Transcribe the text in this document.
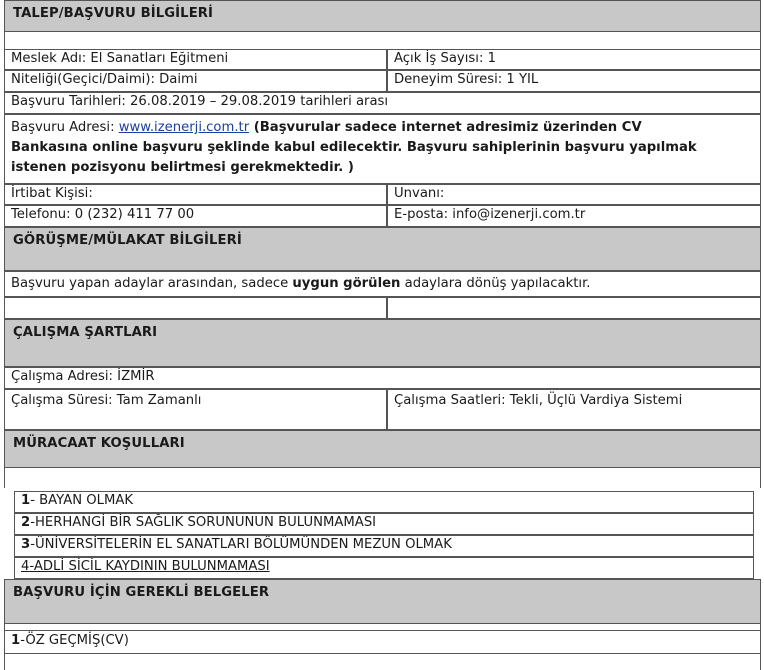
TALEP/BAŞVURU BİLGİLERİ
Meslek Adı: El Sanatları Eğitmeni	Açık İş Sayısı: 1
Niteliği(Geçici/Daimi): Daimi	Deneyim Süresi: 1 YIL
Başvuru Tarihleri: 26.08.2019 – 29.08.2019 tarihleri arası
Başvuru Adresi: www.izenerji.com.tr (Başvurular sadece internet adresimiz üzerinden CV Bankasına online başvuru şeklinde kabul edilecektir. Başvuru sahiplerinin başvuru yapılmak istenen pozisyonu belirtmesi gerekmektedir. )
İrtibat Kişisi:	Unvanı:
Telefonu: 0 (232) 411 77 00	E-posta: info@izenerji.com.tr
GÖRÜŞME/MÜLAKAT BİLGİLERİ
Başvuru yapan adaylar arasından, sadece uygun görülen adaylara dönüş yapılacaktır.
ÇALIŞMA ŞARTLARI
Çalışma Adresi: İZMİR
Çalışma Süresi: Tam Zamanlı	Çalışma Saatleri: Tekli, Üçlü Vardiya Sistemi
MÜRACAAT KOŞULLARI
1- BAYAN OLMAK
2-HERHANGİ BİR SAĞLIK SORUNUNUN BULUNMAMASI
3-ÜNİVERSİTELERİN EL SANATLARI BÖLÜMÜNDEN MEZUN OLMAK
4-ADLİ SİCİL KAYDININ BULUNMAMASI
BAŞVURU İÇİN GEREKLİ BELGELER
1-ÖZ GEÇMİŞ(CV)
